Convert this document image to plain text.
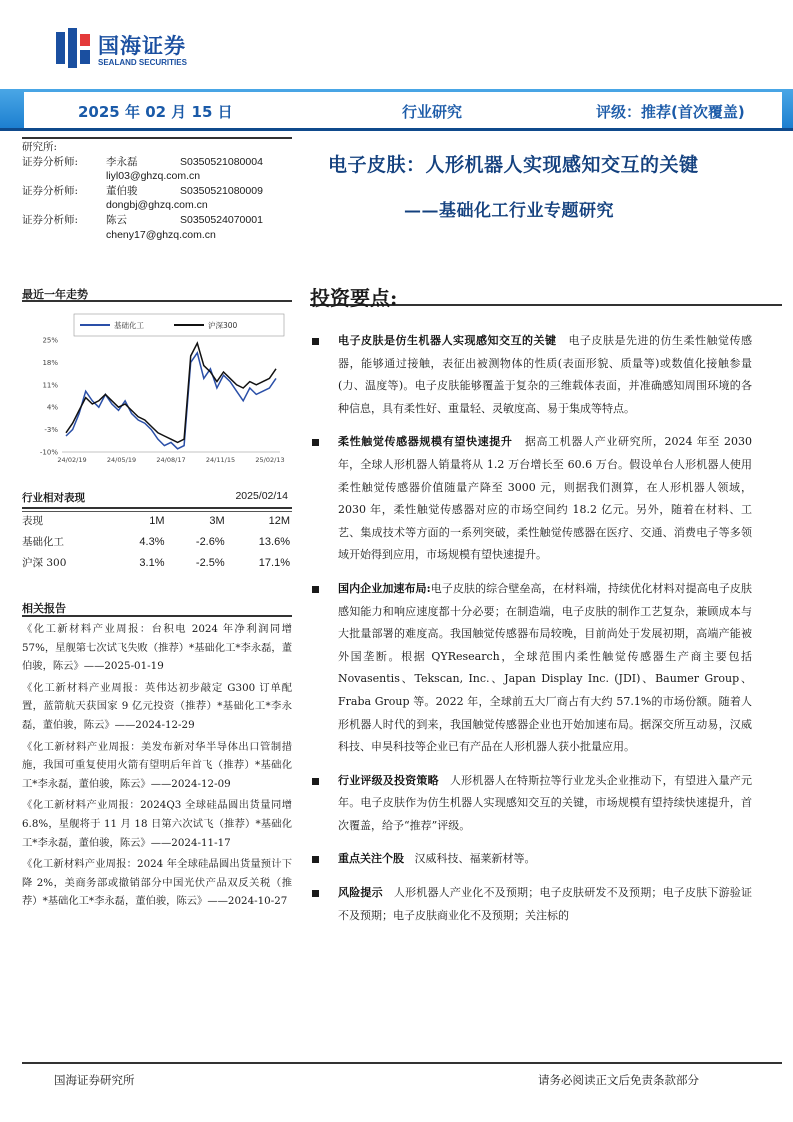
国海证券
SEALAND SECURITIES
2025 年 02 月 15 日	行业研究	评级：推荐(首次覆盖)
研究所:
证券分析师:	李永磊	S0350521080004
liyl03@ghzq.com.cn
证券分析师:	董伯骏	S0350521080009
dongbj@ghzq.com.cn
证券分析师:	陈云	S0350524070001
cheny17@ghzq.com.cn
电子皮肤：人形机器人实现感知交互的关键
——基础化工行业专题研究
最近一年走势
基础化工	沪深300
25%
18%
11%
4%
-3%
-10%
24/02/19	24/05/19	24/08/17	24/11/15	25/02/13
行业相对表现	2025/02/14
表现	1M	3M	12M
基础化工	4.3%	-2.6%	13.6%
沪深 300	3.1%	-2.5%	17.1%
相关报告

《化工新材料产业周报：台积电 2024 年净利润同增 57%，星舰第七次试飞失败（推荐）*基础化工*李永磊，董伯骏，陈云》——2025-01-19

《化工新材料产业周报：英伟达初步敲定 G300 订单配置，蓝箭航天获国家 9 亿元投资（推荐）*基础化工*李永磊，董伯骏，陈云》——2024-12-29

《化工新材料产业周报：美发布新对华半导体出口管制措施，我国可重复使用火箭有望明后年首飞（推荐）*基础化工*李永磊，董伯骏，陈云》——2024-12-09

《化工新材料产业周报：2024Q3 全球硅晶圆出货量同增 6.8%，星舰将于 11 月 18 日第六次试飞（推荐）*基础化工*李永磊，董伯骏，陈云》——2024-11-17

《化工新材料产业周报：2024 年全球硅晶圆出货量预计下降 2%，美商务部或撤销部分中国光伏产品双反关税（推荐）*基础化工*李永磊，董伯骏，陈云》——2024-10-27

投资要点:
电子皮肤是仿生机器人实现感知交互的关键 电子皮肤是先进的仿生柔性触觉传感器，能够通过接触，表征出被测物体的性质(表面形貌、质量等)或数值化接触参量(力、温度等)。电子皮肤能够覆盖于复杂的三维载体表面，并准确感知周围环境的各种信息，具有柔性好、重量轻、灵敏度高、易于集成等特点。
柔性触觉传感器规模有望快速提升 据高工机器人产业研究所，2024 年至 2030 年，全球人形机器人销量将从 1.2 万台增长至 60.6 万台。假设单台人形机器人使用柔性触觉传感器价值随量产降至 3000 元，则据我们测算，在人形机器人领域，2030 年，柔性触觉传感器对应的市场空间约 18.2 亿元。另外，随着在材料、工艺、集成技术等方面的一系列突破，柔性触觉传感器在医疗、交通、消费电子等多领域开始得到应用，市场规模有望快速提升。
国内企业加速布局:电子皮肤的综合壁垒高，在材料端，持续优化材料对提高电子皮肤感知能力和响应速度都十分必要；在制造端，电子皮肤的制作工艺复杂，兼顾成本与大批量部署的难度高。我国触觉传感器布局较晚，目前尚处于发展初期，高端产能被外国垄断。根据 QYResearch，全球范围内柔性触觉传感器生产商主要包括 Novasentis、Tekscan, Inc.、Japan Display Inc. (JDI)、Baumer Group、Fraba Group 等。2022 年，全球前五大厂商占有大约 57.1%的市场份额。随着人形机器人时代的到来，我国触觉传感器企业也开始加速布局。据深交所互动易，汉威科技、申昊科技等企业已有产品在人形机器人获小批量应用。
行业评级及投资策略 人形机器人在特斯拉等行业龙头企业推动下，有望进入量产元年。电子皮肤作为仿生机器人实现感知交互的关键，市场规模有望持续快速提升，首次覆盖，给予“推荐”评级。
重点关注个股 汉威科技、福莱新材等。
风险提示 人形机器人产业化不及预期；电子皮肤研发不及预期；电子皮肤下游验证不及预期；电子皮肤商业化不及预期；关注标的
国海证券研究所	请务必阅读正文后免责条款部分
